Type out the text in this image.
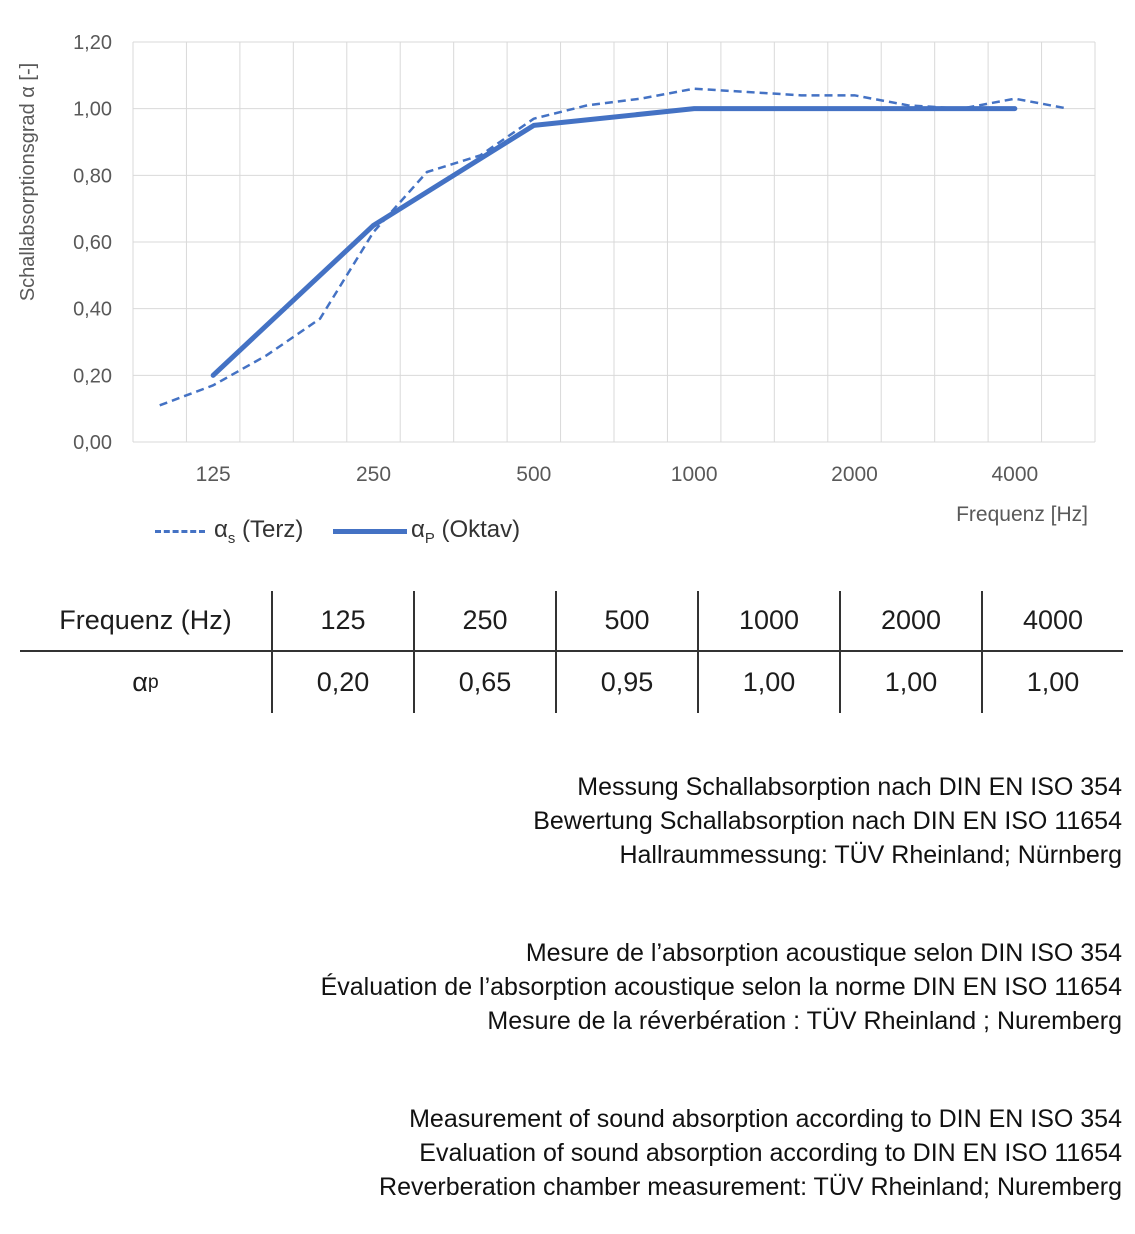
0,00
0,20
0,40
0,60
0,80
1,00
1,20
125	250	500	1000	2000	4000
Schallabsorptionsgrad α [-]
$\alpha_s$ (Terz)	$\alpha_P$ (Oktav)
Frequenz [Hz]
Frequenz (Hz)	125	250	500	1000	2000	4000
α p	0,20	0,65	0,95	1,00	1,00	1,00

Messung Schallabsorption nach DIN EN ISO 354
Bewertung Schallabsorption nach DIN EN ISO 11654
Hallraummessung: TÜV Rheinland; Nürnberg

Mesure de l’absorption acoustique selon DIN ISO 354
Évaluation de l’absorption acoustique selon la norme DIN EN ISO 11654
Mesure de la réverbération : TÜV Rheinland ; Nuremberg

Measurement of sound absorption according to DIN EN ISO 354
Evaluation of sound absorption according to DIN EN ISO 11654
Reverberation chamber measurement: TÜV Rheinland; Nuremberg
